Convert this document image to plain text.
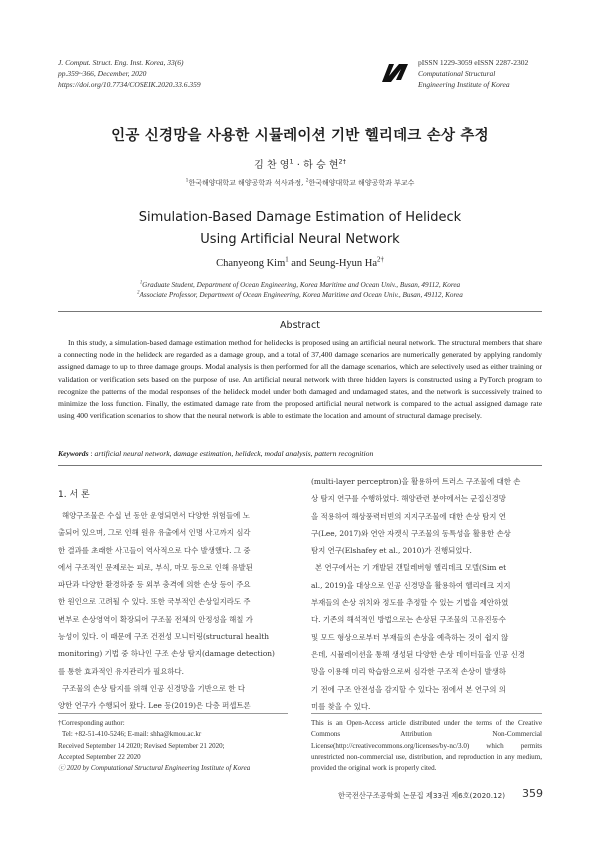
J. Comput. Struct. Eng. Inst. Korea, 33(6)
pp.359~366, December, 2020
https://doi.org/10.7734/COSEIK.2020.33.6.359
pISSN 1229-3059 eISSN 2287-2302
Computational Structural
Engineering Institute of Korea
인공 신경망을 사용한 시뮬레이션 기반 헬리데크 손상 추정
김 찬 영$^1$ · 하 승 현$^{2\dagger}$
$^1$한국해양대학교 해양공학과 석사과정, $^2$한국해양대학교 해양공학과 부교수
Simulation-Based Damage Estimation of Helideck
Using Artificial Neural Network
Chanyeong Kim$^1$ and Seung-Hyun $Ha^{2\dagger}$
$^1$Graduate Student, Department of Ocean Engineering, Korea Maritime and Ocean Univ., Busan, 49112, Korea
$^2$Associate Professor, Department of Ocean Engineering, Korea Maritime and Ocean Univ., Busan, 49112, Korea
Abstract
In this study, a simulation-based damage estimation method for helidecks is proposed using an artificial neural network. The structural members that share a connecting node in the helideck are regarded as a damage group, and a total of 37,400 damage scenarios are numerically generated by applying randomly assigned damage to up to three damage groups. Modal analysis is then performed for all the damage scenarios, which are selectively used as either training or validation or verification sets based on the purpose of use. An artificial neural network with three hidden layers is constructed using a PyTorch program to recognize the patterns of the modal responses of the helideck model under both damaged and undamaged states, and the network is successively trained to minimize the loss function. Finally, the estimated damage rate from the proposed artificial neural network is compared to the actual assigned damage rate using 400 verification scenarios to show that the neural network is able to estimate the location and amount of structural damage precisely.
Keywords : artificial neural network, damage estimation, helideck, modal analysis, pattern recognition
1. 서 론

해양구조물은 수십 년 동안 운영되면서 다양한 위험들에 노

출되어 있으며, 그로 인해 원유 유출에서 인명 사고까지 심각

한 결과를 초래한 사고들이 역사적으로 다수 발생했다. 그 중

에서 구조적인 문제로는 피로, 부식, 마모 등으로 인해 유발된

파단과 다양한 환경하중 등 외부 충격에 의한 손상 등이 주요

한 원인으로 고려될 수 있다. 또한 국부적인 손상일지라도 주

변부로 손상영역이 확장되어 구조물 전체의 안정성을 해칠 가

능성이 있다. 이 때문에 구조 건전성 모니터링(structural health

monitoring) 기법 중 하나인 구조 손상 탐지(damage detection)

를 통한 효과적인 유지관리가 필요하다.

구조물의 손상 탐지를 위해 인공 신경망을 기반으로 한 다

양한 연구가 수행되어 왔다. Lee 등(2019)은 다층 퍼셉트론

(multi-layer perceptron)을 활용하여 트러스 구조물에 대한 손

상 탐지 연구를 수행하였다. 해양관련 분야에서는 군집신경망

을 적용하여 해상풍력터빈의 지지구조물에 대한 손상 탐지 연

구(Lee, 2017)와 연안 자켓식 구조물의 동특성을 활용한 손상

탐지 연구(Elshafey et al., 2010)가 진행되었다.

본 연구에서는 기 개발된 갠틸레버형 헬리데크 모델(Sim et

al., 2019)을 대상으로 인공 신경망을 활용하여 헬리데크 지지

부재들의 손상 위치와 정도를 추정할 수 있는 기법을 제안하였

다. 기존의 해석적인 방법으로는 손상된 구조물의 고유진동수

및 모드 형상으로부터 부재들의 손상을 예측하는 것이 쉽지 않

은데, 시뮬레이션을 통해 생성된 다양한 손상 데이터들을 인공 신경

망을 이용해 미리 학습함으로써 심각한 구조적 손상이 발생하

기 전에 구조 안전성을 감지할 수 있다는 점에서 본 연구의 의

미를 찾을 수 있다.

†Corresponding author:
Tel: +82-51-410-5246; E-mail: shha@kmou.ac.kr
Received September 14 2020; Revised September 21 2020;
Accepted September 22 2020
ⓒ 2020 by Computational Structural Engineering Institute of Korea
This is an Open-Access article distributed under the terms of the Creative Commons Attribution Non-Commercial License(http://creativecommons.org/licenses/by-nc/3.0) which permits unrestricted non-commercial use, distribution, and reproduction in any medium, provided the original work is properly cited.
한국전산구조공학회 논문집 제33권 제6호(2020.12) 359
